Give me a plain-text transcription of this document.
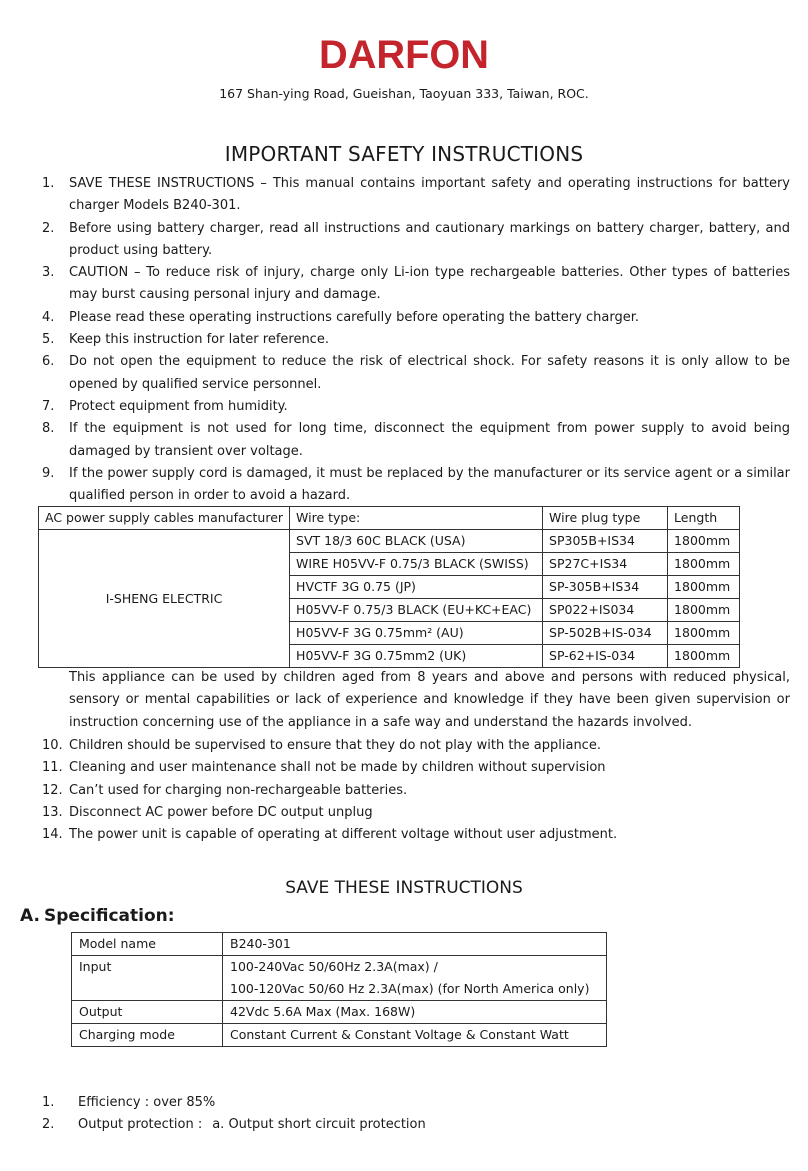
DARFON
167 Shan-ying Road, Gueishan, Taoyuan 333, Taiwan, ROC.
IMPORTANT SAFETY INSTRUCTIONS
1.	SAVE THESE INSTRUCTIONS – This manual contains important safety and operating instructions for battery charger Models B240-301.
2.	Before using battery charger, read all instructions and cautionary markings on battery charger, battery, and product using battery.
3.	CAUTION – To reduce risk of injury, charge only Li-ion type rechargeable batteries. Other types of batteries may burst causing personal injury and damage.
4.	Please read these operating instructions carefully before operating the battery charger.
5.	Keep this instruction for later reference.
6.	Do not open the equipment to reduce the risk of electrical shock. For safety reasons it is only allow to be opened by qualified service personnel.
7.	Protect equipment from humidity.
8.	If the equipment is not used for long time, disconnect the equipment from power supply to avoid being damaged by transient over voltage.
9.	If the power supply cord is damaged, it must be replaced by the manufacturer or its service agent or a similar qualified person in order to avoid a hazard.
AC power supply cables manufacturer	Wire type:	Wire plug type	Length
I-SHENG ELECTRIC	SVT 18/3 60C BLACK (USA)	SP305B+IS34	1800mm
	WIRE H05VV-F 0.75/3 BLACK (SWISS)	SP27C+IS34	1800mm
	HVCTF 3G 0.75 (JP)	SP-305B+IS34	1800mm
	H05VV-F 0.75/3 BLACK (EU+KC+EAC)	SP022+IS034	1800mm
	H05VV-F 3G 0.75mm² (AU)	SP-502B+IS-034	1800mm
	H05VV-F 3G 0.75mm2 (UK)	SP-62+IS-034	1800mm
This appliance can be used by children aged from 8 years and above and persons with reduced physical, sensory or mental capabilities or lack of experience and knowledge if they have been given supervision or instruction concerning use of the appliance in a safe way and understand the hazards involved.
10. Children should be supervised to ensure that they do not play with the appliance.
11. Cleaning and user maintenance shall not be made by children without supervision
12. Can’t used for charging non-rechargeable batteries.
13. Disconnect AC power before DC output unplug
14. The power unit is capable of operating at different voltage without user adjustment.
SAVE THESE INSTRUCTIONS
A. Specification:
Model name	B240-301
Input	100-240Vac 50/60Hz 2.3A(max) /
100-120Vac 50/60 Hz 2.3A(max) (for North America only)

Output	42Vdc 5.6A Max (Max. 168W)
Charging mode	Constant Current & Constant Voltage & Constant Watt
1.	Efficiency : over 85%
2.	Output protection : a. Output short circuit protection
